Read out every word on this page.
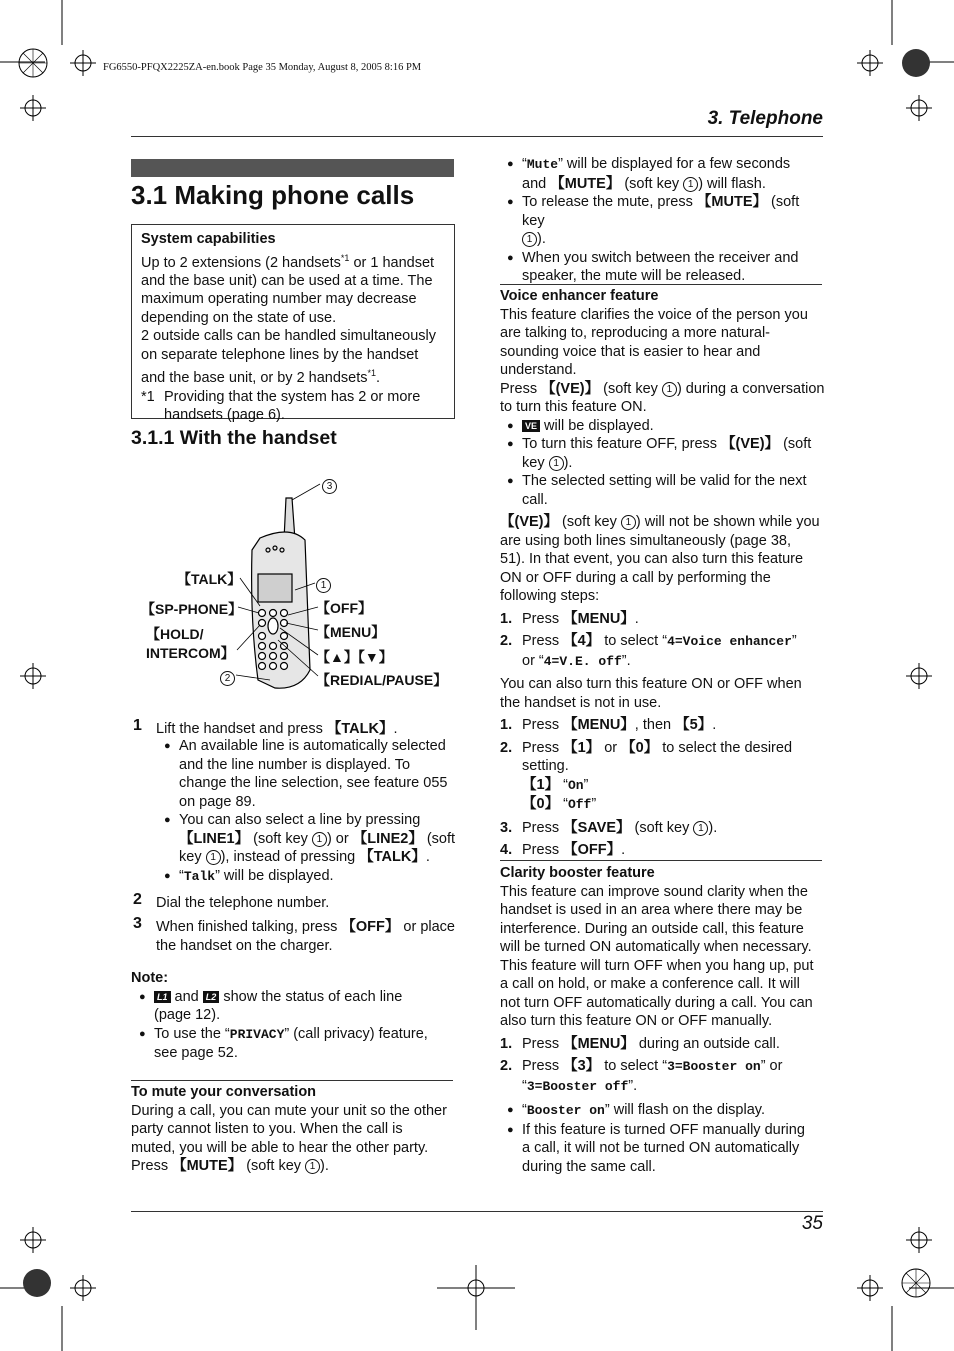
FG6550-PFQX2225ZA-en.book Page 35 Monday, August 8, 2005 8:16 PM
3. Telephone
3.1 Making phone calls
System capabilities
Up to 2 extensions (2 handsets$^{*1}$ or 1 handset
and the base unit) can be used at a time. The
maximum operating number may decrease
depending on the state of use.
2 outside calls can be handled simultaneously
on separate telephone lines by the handset
and the base unit, or by 2 handsets$^{*1}$.
*1 Providing that the system has 2 or more
handsets (page 6).
3.1.1 With the handset
1
2
3
【TALK】
【SP-PHONE】
【HOLD/
INTERCOM】
【OFF】
【MENU】
【▲】【▼】
【REDIAL/PAUSE】
1 Lift the handset and press 【TALK】.
● An available line is automatically selected
and the line number is displayed. To
change the line selection, see feature 055
on page 89.
● You can also select a line by pressing
【LINE1】 (soft key 1 ) or 【LINE2】 (soft
key 1 ), instead of pressing 【TALK】.
● “Talk” will be displayed.
2 Dial the telephone number.
3 When finished talking, press 【OFF】 or place
the handset on the charger.
Note:
●	L1 and L2 show the status of each line
(page 12).
● To use the “PRIVACY” (call privacy) feature,
see page 52.
To mute your conversation
During a call, you can mute your unit so the other
party cannot listen to you. When the call is
muted, you will be able to hear the other party.
Press 【MUTE】 (soft key 1 ).
● “Mute” will be displayed for a few seconds
and 【MUTE】 (soft key 1 ) will flash.
● To release the mute, press 【MUTE】 (soft key
1 ).
● When you switch between the receiver and
speaker, the mute will be released.
Voice enhancer feature
This feature clarifies the voice of the person you
are talking to, reproducing a more natural-
sounding voice that is easier to hear and
understand.
Press 【(VE)】 (soft key 1 ) during a conversation
to turn this feature ON.
●	VE will be displayed.
● To turn this feature OFF, press 【(VE)】 (soft
key 1 ).
● The selected setting will be valid for the next
call.
【(VE)】 (soft key 1 ) will not be shown while you
are using both lines simultaneously (page 38,
51). In that event, you can also turn this feature
ON or OFF during a call by performing the
following steps:
1. Press 【MENU】.
2. Press 【4】 to select “4=Voice enhancer”
or “4=V.E. off”.
You can also turn this feature ON or OFF when
the handset is not in use.
1. Press 【MENU】, then 【5】.
2. Press 【1】 or 【0】 to select the desired setting.
【1】 “On”
【0】 “Off”
3. Press 【SAVE】 (soft key 1 ).
4. Press 【OFF】.
Clarity booster feature
This feature can improve sound clarity when the
handset is used in an area where there may be
interference. During an outside call, this feature
will be turned ON automatically when necessary.
This feature will turn OFF when you hang up, put
a call on hold, or make a conference call. It will
not turn OFF automatically during a call. You can
also turn this feature ON or OFF manually.
1. Press 【MENU】 during an outside call.
2. Press 【3】 to select “3=Booster on” or
“3=Booster off”.
● “Booster on” will flash on the display.
● If this feature is turned OFF manually during
a call, it will not be turned ON automatically
during the same call.
35
